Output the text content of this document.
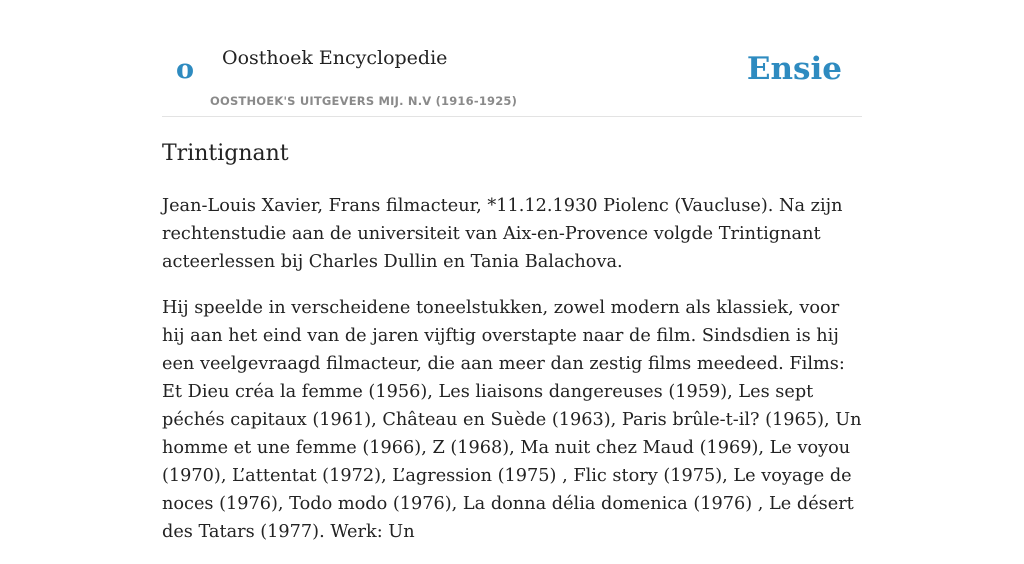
o Oosthoek Encyclopedie
OOSTHOEK'S UITGEVERS MIJ. N.V (1916-1925)
Ensie
Trintignant

Jean-Louis Xavier, Frans filmacteur, *11.12.1930 Piolenc (Vaucluse). Na zijn rechtenstudie aan de universiteit van Aix-en-Provence volgde Trintignant acteerlessen bij Charles Dullin en Tania Balachova.

Hij speelde in verscheidene toneelstukken, zowel modern als klassiek, voor hij aan het eind van de jaren vijftig overstapte naar de film. Sindsdien is hij een veelgevraagd filmacteur, die aan meer dan zestig films meedeed. Films: Et Dieu créa la femme (1956), Les liaisons dangereuses (1959), Les sept péchés capitaux (1961), Château en Suède (1963), Paris brûle-t-il? (1965), Un homme et une femme (1966), Z (1968), Ma nuit chez Maud (1969), Le voyou (1970), L’attentat (1972), L’agression (1975) , Flic story (1975), Le voyage de noces (1976), Todo modo (1976), La donna délia domenica (1976) , Le désert des Tatars (1977). Werk: Un
